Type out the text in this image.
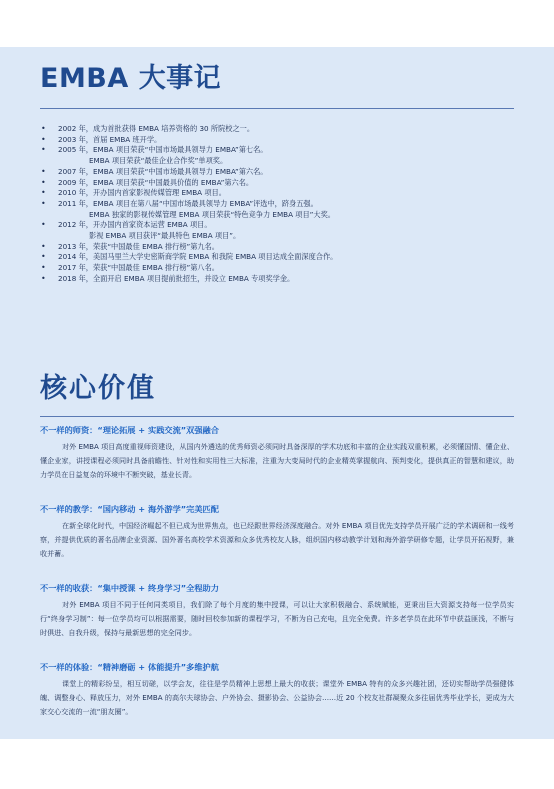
EMBA 大事记
• 2002 年，成为首批获得 EMBA 培养资格的 30 所院校之一。
• 2003 年，首届 EMBA 班开学。
• 2005 年，EMBA 项目荣获“中国市场最具领导力 EMBA”第七名。
EMBA 项目荣获“最佳企业合作奖”单项奖。
• 2007 年，EMBA 项目荣获“中国市场最具领导力 EMBA”第六名。
• 2009 年，EMBA 项目荣获“中国最具价值的 EMBA”第六名。
• 2010 年，开办国内首家影视传媒管理 EMBA 项目。
• 2011 年，EMBA 项目在第八届“中国市场最具领导力 EMBA”评选中，跻身五强。
EMBA 独家的影视传媒管理 EMBA 项目荣获“特色竞争力 EMBA 项目”大奖。
• 2012 年，开办国内首家资本运营 EMBA 项目。
影视 EMBA 项目获评“最具特色 EMBA 项目”。
• 2013 年，荣获“中国最佳 EMBA 排行榜”第九名。
• 2014 年，美国马里兰大学史密斯商学院 EMBA 和我院 EMBA 项目达成全面深度合作。
• 2017 年，荣获“中国最佳 EMBA 排行榜”第八名。
• 2018 年，全面开启 EMBA 项目提前批招生，并设立 EMBA 专项奖学金。
核心价值

不一样的师资：“理论拓展 + 实践交流”双强融合

对外 EMBA 项目高度重视师资建设，从国内外遴选的优秀师资必须同时具备深厚的学术功底和丰富的企业实践双重积累，必须懂国情、懂企业、懂企业家，讲授课程必须同时具备前瞻性、针对性和实用性三大标准，注重为大变局时代的企业精英掌握航向、预判变化，提供真正的智慧和建议，助力学员在日益复杂的环境中不断突破，基业长青。

不一样的教学：“国内移动 + 海外游学”完美匹配

在新全球化时代，中国经济崛起不但已成为世界焦点，也已经跟世界经济深度融合。对外 EMBA 项目优先支持学员开展广泛的学术调研和一线考察，并提供优质的著名品牌企业资源、国外著名高校学术资源和众多优秀校友人脉，组织国内移动教学计划和海外游学研修专题，让学员开拓视野，兼收并蓄。

不一样的收获：“集中授课 + 终身学习”全程助力

对外 EMBA 项目不同于任何同类项目，我们除了每个月度的集中授课，可以让大家积极融合、系统赋能，更秉出巨大资源支持每一位学员实行“终身学习制”：每一位学员均可以根据需要，随时回校参加新的课程学习，不断为自己充电，且完全免费。许多老学员在此环节中获益匪浅，不断与时俱进、自我升级，保持与最新思想的完全同步。

不一样的体验：“精神磨砺 + 体能提升”多维护航

课堂上的精彩纷呈，相互切磋，以学会友，往往是学员精神上思想上最大的收获；课堂外 EMBA 特有的众多兴趣社团，还切实帮助学员强健体魄、调整身心、释放压力，对外 EMBA 的高尔夫球协会、户外协会、摄影协会、公益协会……近 20 个校友社群凝聚众多往届优秀毕业学长，更成为大家交心交流的一流“朋友圈”。
